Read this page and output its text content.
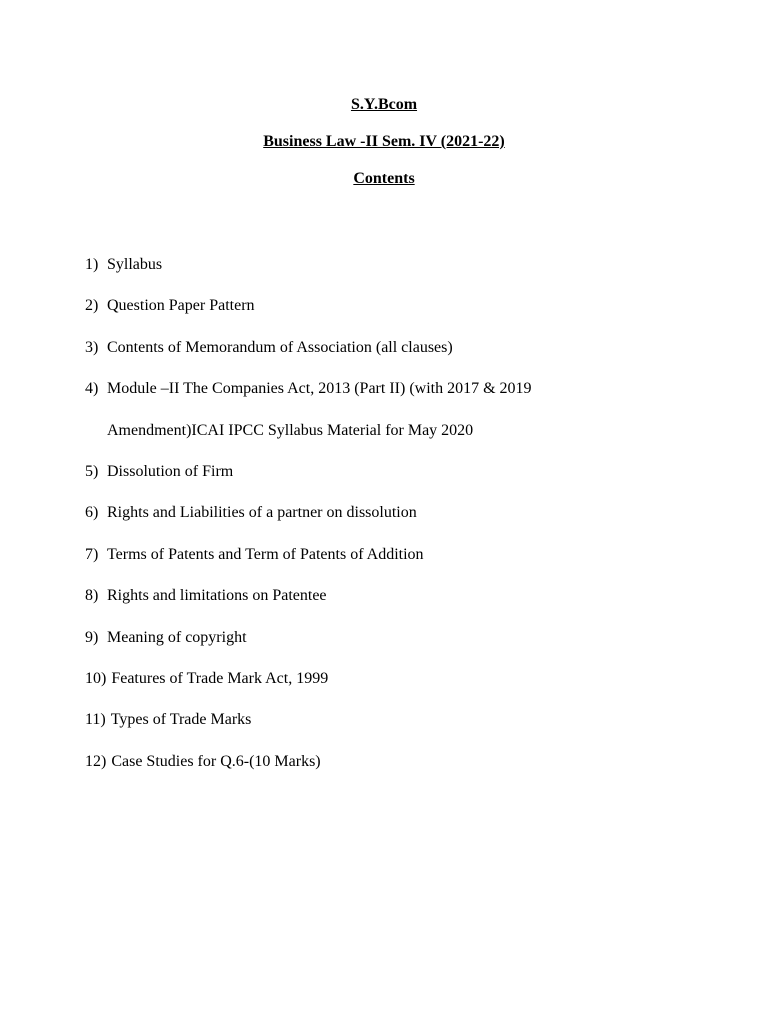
S.Y.Bcom
Business Law -II Sem. IV (2021-22)
Contents
1) Syllabus
2) Question Paper Pattern
3) Contents of Memorandum of Association (all clauses)
4) Module –II The Companies Act, 2013 (Part II) (with 2017 & 2019
Amendment)ICAI IPCC Syllabus Material for May 2020
5) Dissolution of Firm
6) Rights and Liabilities of a partner on dissolution
7) Terms of Patents and Term of Patents of Addition
8) Rights and limitations on Patentee
9) Meaning of copyright
10) Features of Trade Mark Act, 1999
11) Types of Trade Marks
12) Case Studies for Q.6-(10 Marks)
